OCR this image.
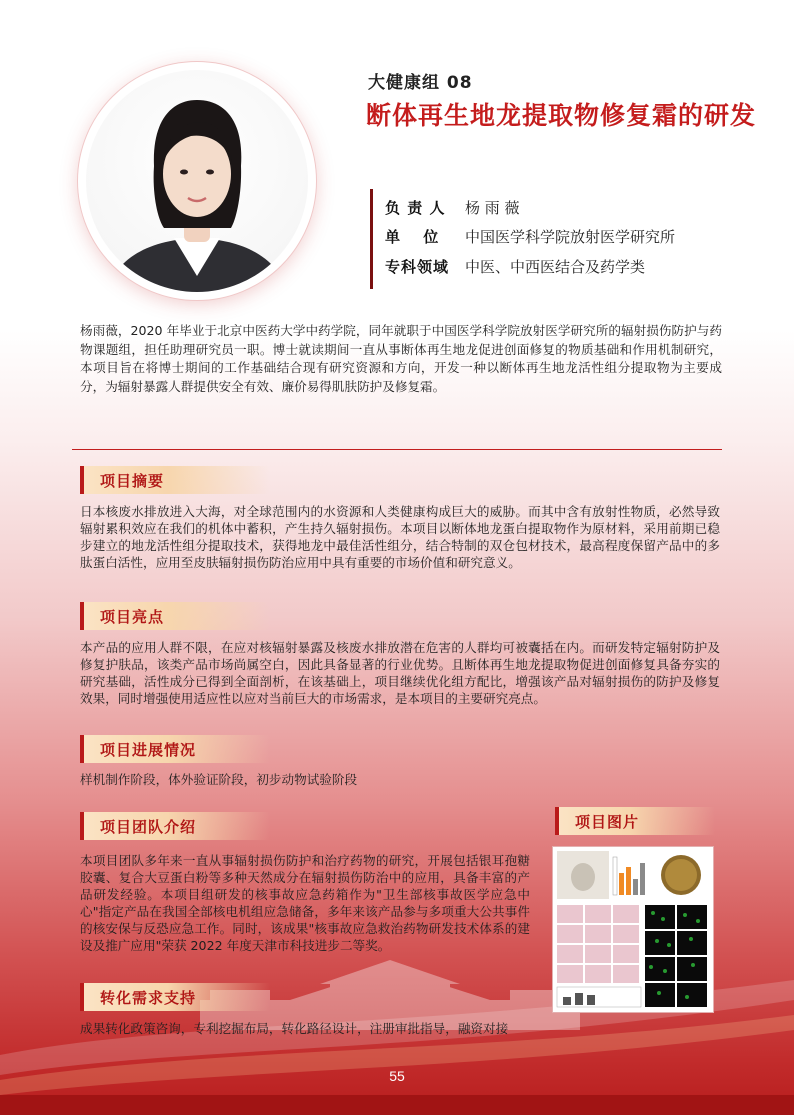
大健康组 08
断体再生地龙提取物修复霜的研发
负 责 人 杨 雨 薇
单　 位 中国医学科学院放射医学研究所
专科领域 中医、中西医结合及药学类
杨雨薇，2020 年毕业于北京中医药大学中药学院，同年就职于中国医学科学院放射医学研究所的辐射损伤防护与药物课题组，担任助理研究员一职。博士就读期间一直从事断体再生地龙促进创面修复的物质基础和作用机制研究，本项目旨在将博士期间的工作基础结合现有研究资源和方向，开发一种以断体再生地龙活性组分提取物为主要成分，为辐射暴露人群提供安全有效、廉价易得肌肤防护及修复霜。
项目摘要
日本核废水排放进入大海，对全球范围内的水资源和人类健康构成巨大的威胁。而其中含有放射性物质，必然导致辐射累积效应在我们的机体中蓄积，产生持久辐射损伤。本项目以断体地龙蛋白提取物作为原材料，采用前期已稳步建立的地龙活性组分提取技术，获得地龙中最佳活性组分，结合特制的双仓包材技术，最高程度保留产品中的多肽蛋白活性，应用至皮肤辐射损伤防治应用中具有重要的市场价值和研究意义。
项目亮点
本产品的应用人群不限，在应对核辐射暴露及核废水排放潜在危害的人群均可被囊括在内。而研发特定辐射防护及修复护肤品，该类产品市场尚属空白，因此具备显著的行业优势。且断体再生地龙提取物促进创面修复具备夯实的研究基础，活性成分已得到全面剖析，在该基础上，项目继续优化组方配比，增强该产品对辐射损伤的防护及修复效果，同时增强使用适应性以应对当前巨大的市场需求，是本项目的主要研究亮点。
项目进展情况
样机制作阶段，体外验证阶段，初步动物试验阶段
项目团队介绍
本项目团队多年来一直从事辐射损伤防护和治疗药物的研究，开展包括银耳孢糖胶囊、复合大豆蛋白粉等多种天然成分在辐射损伤防治中的应用，具备丰富的产品研发经验。本项目组研发的核事故应急药箱作为"卫生部核事故医学应急中心"指定产品在我国全部核电机组应急储备，多年来该产品参与多项重大公共事件的核安保与反恐应急工作。同时，该成果"核事故应急救治药物研发技术体系的建设及推广应用"荣获 2022 年度天津市科技进步二等奖。
项目图片
转化需求支持
成果转化政策咨询，专利挖掘布局，转化路径设计，注册审批指导，融资对接
55
